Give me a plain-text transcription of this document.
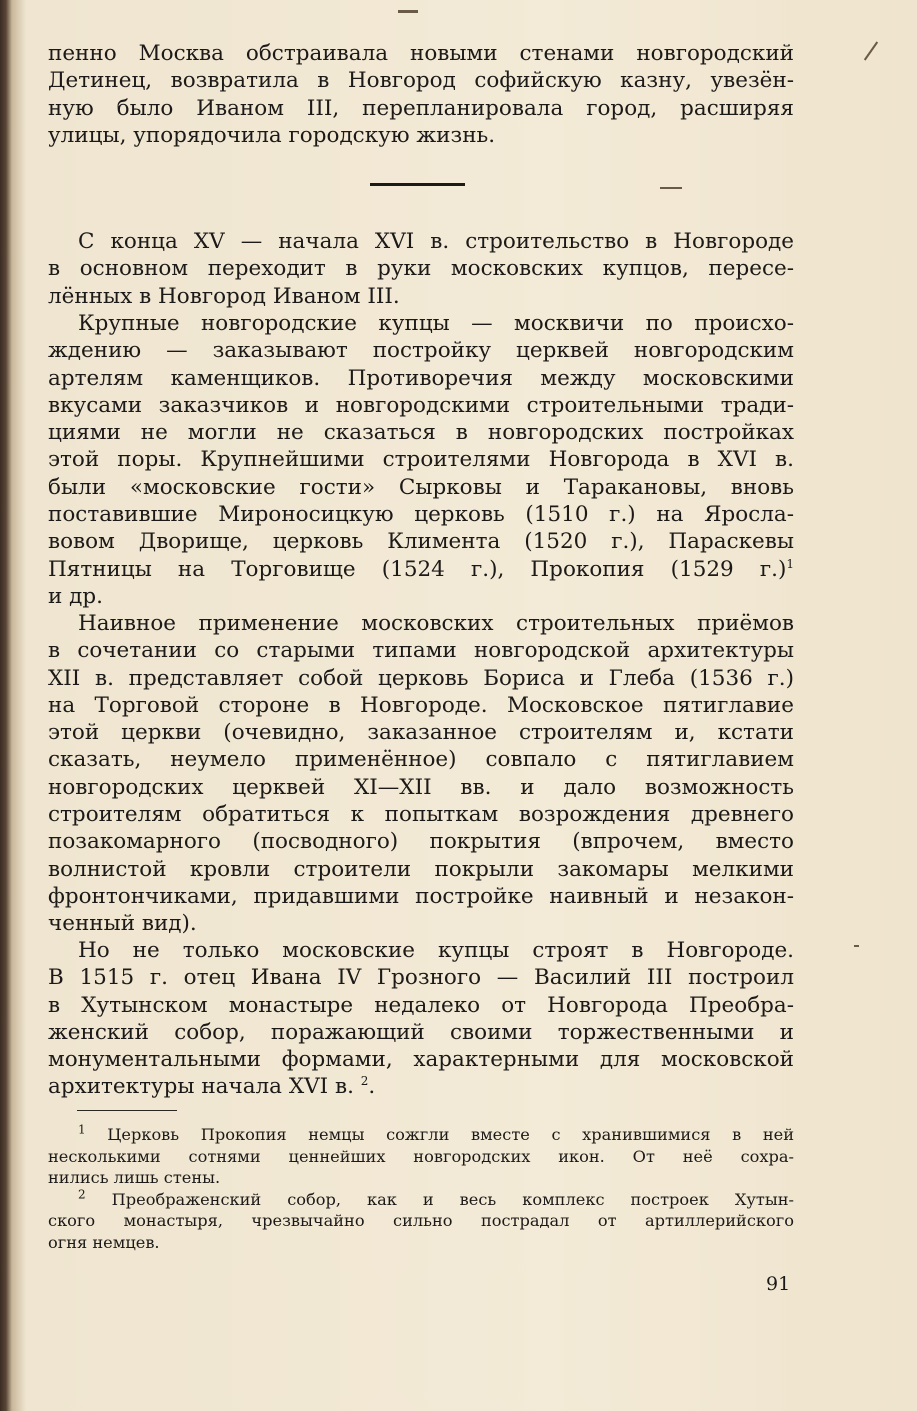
пенно Москва обстраивала новыми стенами новгородский
Детинец, возвратила в Новгород софийскую казну, увезён-
ную было Иваном III, перепланировала город, расширяя
улицы, упорядочила городскую жизнь.
С конца XV — начала XVI в. строительство в Новгороде
в основном переходит в руки московских купцов, пересе-
лённых в Новгород Иваном III.
Крупные новгородские купцы — москвичи по происхо-
ждению — заказывают постройку церквей новгородским
артелям каменщиков. Противоречия между московскими
вкусами заказчиков и новгородскими строительными тради-
циями не могли не сказаться в новгородских постройках
этой поры. Крупнейшими строителями Новгорода в XVI в.
были «московские гости» Сырковы и Таракановы, вновь
поставившие Мироносицкую церковь (1510 г.) на Яросла-
вовом Дворище, церковь Климента (1520 г.), Параскевы
Пятницы на Торговище (1524 г.), Прокопия (1529 г.)$^1$
и др.
Наивное применение московских строительных приёмов
в сочетании со старыми типами новгородской архитектуры
XII в. представляет собой церковь Бориса и Глеба (1536 г.)
на Торговой стороне в Новгороде. Московское пятиглавие
этой церкви (очевидно, заказанное строителям и, кстати
сказать, неумело применённое) совпало с пятиглавием
новгородских церквей XI—XII вв. и дало возможность
строителям обратиться к попыткам возрождения древнего
позакомарного (посводного) покрытия (впрочем, вместо
волнистой кровли строители покрыли закомары мелкими
фронтончиками, придавшими постройке наивный и незакон-
ченный вид).
Но не только московские купцы строят в Новгороде.
В 1515 г. отец Ивана IV Грозного — Василий III построил
в Хутынском монастыре недалеко от Новгорода Преобра-
женский собор, поражающий своими торжественными и
монументальными формами, характерными для московской
архитектуры начала XVI в. $^2$.
$^1$ Церковь Прокопия немцы сожгли вместе с хранившимися в ней
несколькими сотнями ценнейших новгородских икон. От неё сохра-
нились лишь стены.
$^2$ Преображенский собор, как и весь комплекс построек Хутын-
ского монастыря, чрезвычайно сильно пострадал от артиллерийского
огня немцев.
91
